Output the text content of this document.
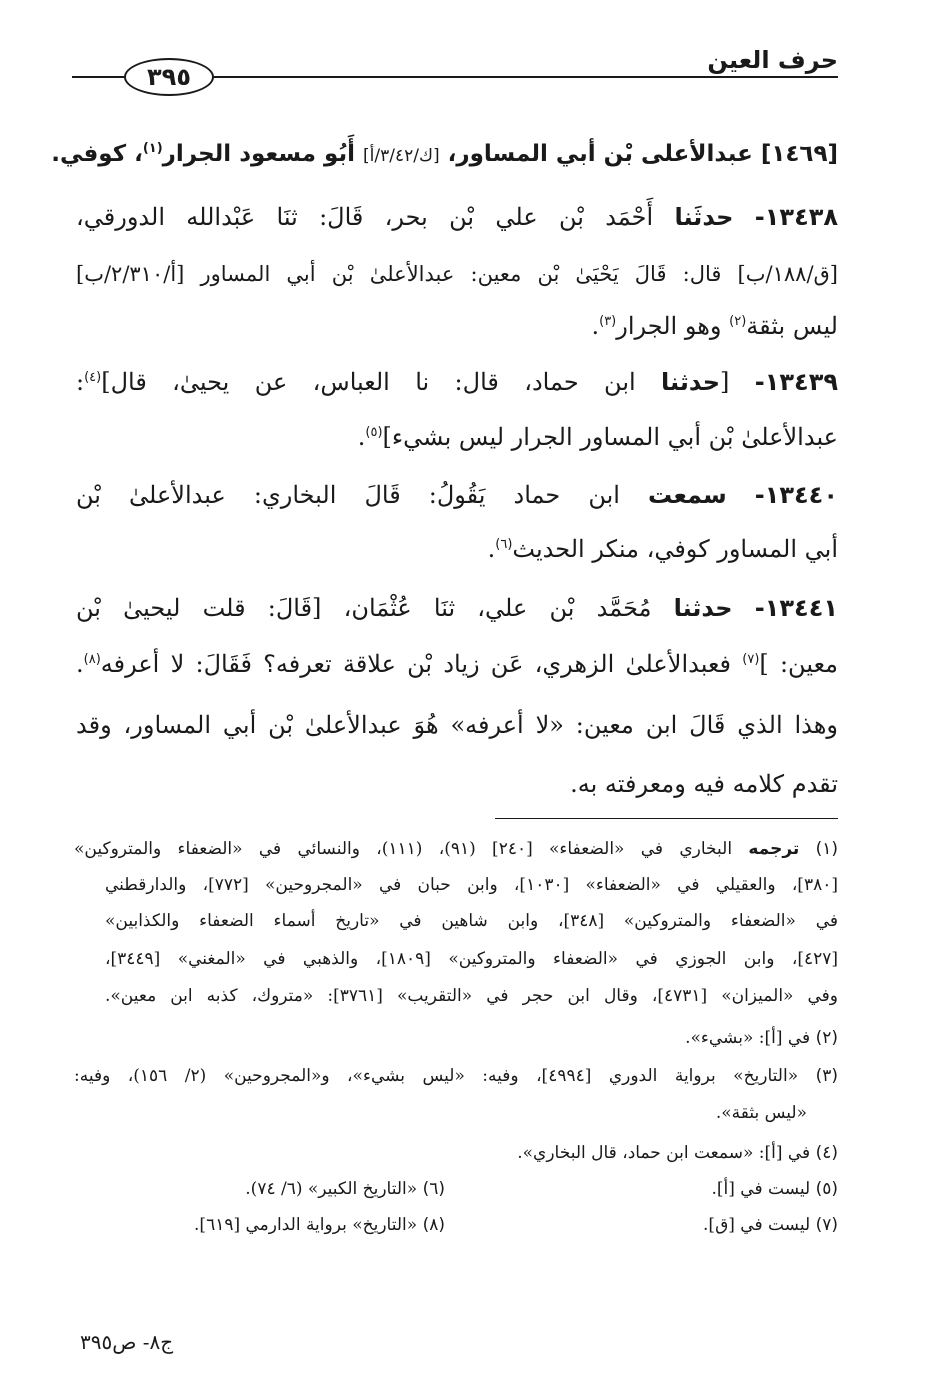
حرف العين
٣٩٥
[١٤٦٩] عبدالأعلى بْن أبي المساور، [ك/٣/٤٢/أ] أَبُو مسعود الجرار$^{(١)}$، كوفي.
١٣٤٣٨- حدثَنا أَحْمَد بْن علي بْن بحر، قَالَ: ثنَا عَبْدالله الدورقي،
[ق/١٨٨/ب] قال: قَالَ يَحْيَىٰ بْن معين: عبدالأعلىٰ بْن أبي المساور [أ/٢/٣١٠/ب]
ليس بثقة$^{(٢)}$ وهو الجرار$^{(٣)}$.
١٣٤٣٩- [حدثنا ابن حماد، قال: نا العباس، عن يحيىٰ، قال]$^{(٤)}$:
عبدالأعلىٰ بْن أبي المساور الجرار ليس بشيء]$^{(٥)}$.
١٣٤٤٠- سمعت ابن حماد يَقُولُ: قَالَ البخاري: عبدالأعلىٰ بْن
أبي المساور كوفي، منكر الحديث$^{(٦)}$.
١٣٤٤١- حدثنا مُحَمَّد بْن علي، ثنَا عُثْمَان، [قَالَ: قلت ليحيىٰ بْن
معين: ]$^{(٧)}$ فعبدالأعلىٰ الزهري، عَن زياد بْن علاقة تعرفه؟ فَقَالَ: لا أعرفه$^{(٨)}$.
وهذا الذي قَالَ ابن معين: «لا أعرفه» هُوَ عبدالأعلىٰ بْن أبي المساور، وقد
تقدم كلامه فيه ومعرفته به.
(١) ترجمه البخاري في «الضعفاء» [٢٤٠] (٩١)، (١١١)، والنسائي في «الضعفاء والمتروكين»
[٣٨٠]، والعقيلي في «الضعفاء» [١٠٣٠]، وابن حبان في «المجروحين» [٧٧٢]، والدارقطني
في «الضعفاء والمتروكين» [٣٤٨]، وابن شاهين في «تاريخ أسماء الضعفاء والكذابين»
[٤٢٧]، وابن الجوزي في «الضعفاء والمتروكين» [١٨٠٩]، والذهبي في «المغني» [٣٤٤٩]،
وفي «الميزان» [٤٧٣١]، وقال ابن حجر في «التقريب» [٣٧٦١]: «متروك، كذبه ابن معين».
(٢) في [أ]: «بشيء».
(٣) «التاريخ» برواية الدوري [٤٩٩٤]، وفيه: «ليس بشيء»، و«المجروحين» (٢/ ١٥٦)، وفيه:
«ليس بثقة».
(٤) في [أ]: «سمعت ابن حماد، قال البخاري».
(٥) ليست في [أ].
(٦) «التاريخ الكبير» (٦/ ٧٤).
(٧) ليست في [ق].
(٨) «التاريخ» برواية الدارمي [٦١٩].
ج٨- ص٣٩٥
